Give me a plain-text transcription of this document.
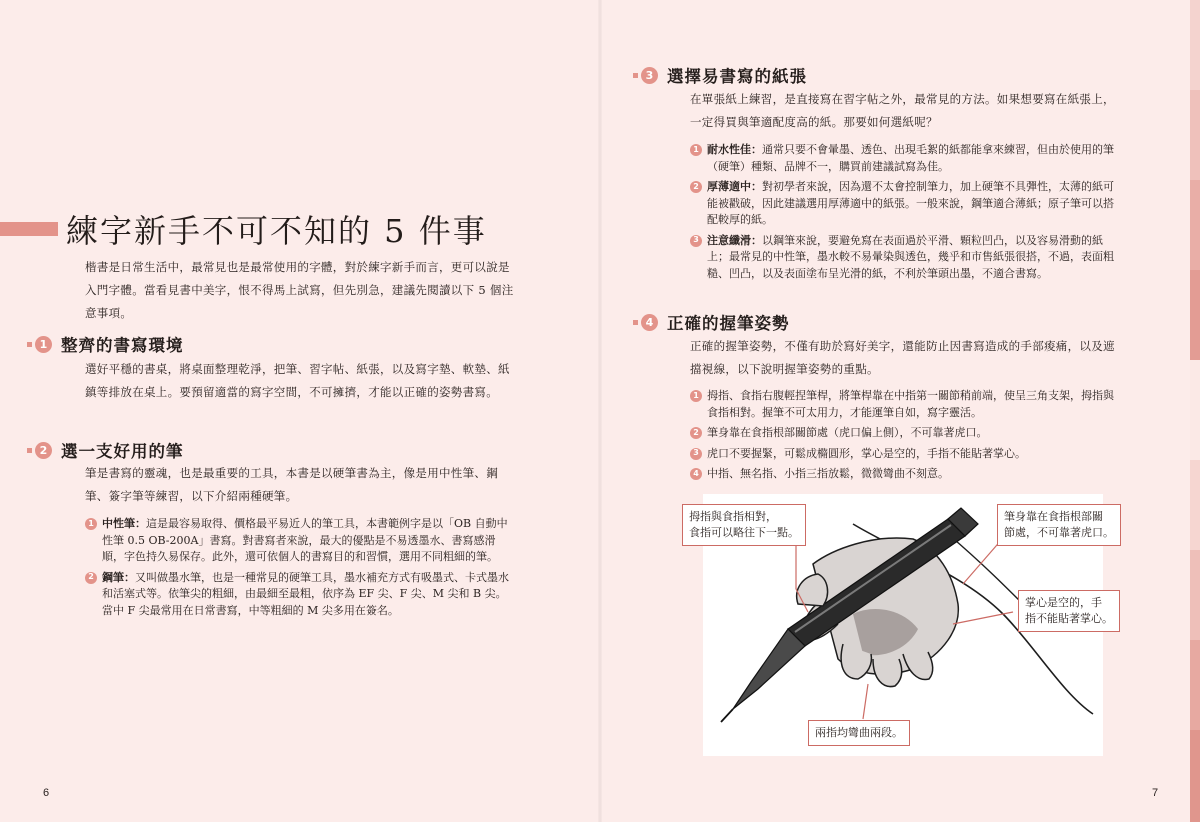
練字新手不可不知的 5 件事
楷書是日常生活中，最常見也是最常使用的字體，對於練字新手而言，更可以說是入門字體。當看見書中美字，恨不得馬上試寫，但先別急，建議先閱讀以下 5 個注意事項。
1 整齊的書寫環境
選好平穩的書桌，將桌面整理乾淨，把筆、習字帖、紙張，以及寫字墊、軟墊、紙鎮等排放在桌上。要預留適當的寫字空間，不可擁擠，才能以正確的姿勢書寫。
2 選一支好用的筆
筆是書寫的靈魂，也是最重要的工具，本書是以硬筆書為主，像是用中性筆、鋼筆、簽字筆等練習，以下介紹兩種硬筆。
1 中性筆：這是最容易取得、價格最平易近人的筆工具，本書範例字是以「OB 自動中性筆 0.5 OB-200A」書寫。對書寫者來說，最大的優點是不易透墨水、書寫感滑順，字色持久易保存。此外，還可依個人的書寫目的和習慣，選用不同粗細的筆。
2 鋼筆：又叫做墨水筆，也是一種常見的硬筆工具，墨水補充方式有吸墨式、卡式墨水和活塞式等。依筆尖的粗細，由最細至最粗，依序為 EF 尖、F 尖、M 尖和 B 尖。當中 F 尖最常用在日常書寫，中等粗細的 M 尖多用在簽名。
6
3 選擇易書寫的紙張
在單張紙上練習，是直接寫在習字帖之外，最常見的方法。如果想要寫在紙張上，一定得買與筆適配度高的紙。那要如何選紙呢？
1 耐水性佳：通常只要不會暈墨、透色、出現毛絮的紙都能拿來練習，但由於使用的筆（硬筆）種類、品牌不一，購買前建議試寫為佳。
2 厚薄適中：對初學者來說，因為還不太會控制筆力，加上硬筆不具彈性，太薄的紙可能被戳破，因此建議選用厚薄適中的紙張。一般來說，鋼筆適合薄紙；原子筆可以搭配較厚的紙。
3 注意纖滑：以鋼筆來說，要避免寫在表面過於平滑、顆粒凹凸，以及容易滑動的紙上；最常見的中性筆，墨水較不易暈染與透色，幾乎和市售紙張很搭，不過，表面粗糙、凹凸，以及表面塗布呈光滑的紙，不利於筆頭出墨，不適合書寫。
4 正確的握筆姿勢
正確的握筆姿勢，不僅有助於寫好美字，還能防止因書寫造成的手部痠痛，以及遮擋視線，以下說明握筆姿勢的重點。
1 拇指、食指右腹輕捏筆桿，將筆桿靠在中指第一關節稍前端，使呈三角支架，拇指與食指相對。握筆不可太用力，才能運筆自如，寫字靈活。
2 筆身靠在食指根部關節處（虎口偏上側），不可靠著虎口。
3 虎口不要握緊，可鬆成橢圓形，掌心是空的，手指不能貼著掌心。
4 中指、無名指、小指三指放鬆，微微彎曲不刻意。
7
拇指與食指相對，
食指可以略往下一點。
筆身靠在食指根部關
節處，不可靠著虎口。
掌心是空的，手
指不能貼著掌心。
兩指均彎曲兩段。
